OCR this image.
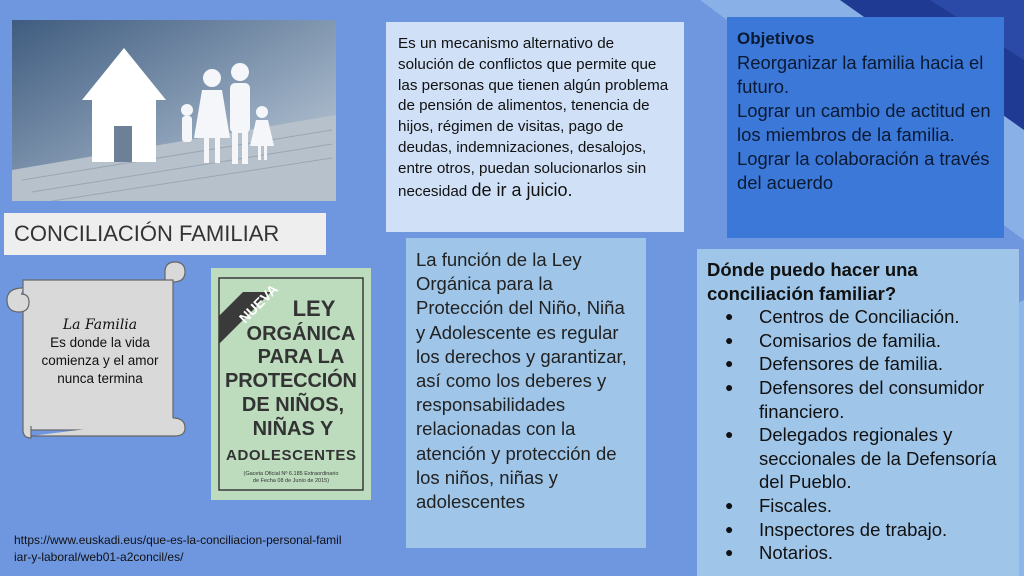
CONCILIACIÓN FAMILIAR
La Familia
Es donde la vida comienza y el amor nunca termina
NUEVA LEY
ORGÁNICA
PARA LA
PROTECCIÓN
DE NIÑOS,
NIÑAS Y
ADOLESCENTES
(Gaceta Oficial Nº 6.185 Extraordinario
de Fecha 08 de Junio de 2015)
Es un mecanismo alternativo de solución de conflictos que permite que las personas que tienen algún problema de pensión de alimentos, tenencia de hijos, régimen de visitas, pago de deudas, indemnizaciones, desalojos, entre otros, puedan solucionarlos sin necesidad de ir a juicio.
La función de la Ley Orgánica para la Protección del Niño, Niña y Adolescente es regular los derechos y garantizar, así como los deberes y responsabilidades relacionadas con la atención y protección de los niños, niñas y adolescentes
Objetivos
Reorganizar la familia hacia el futuro.
Lograr un cambio de actitud en los miembros de la familia.
Lograr la colaboración a través del acuerdo
Dónde puedo hacer una conciliación familiar?
● Centros de Conciliación.
● Comisarios de familia.
● Defensores de familia.
● Defensores del consumidor financiero.
● Delegados regionales y seccionales de la Defensoría del Pueblo.
● Fiscales.
● Inspectores de trabajo.
● Notarios.
https://www.euskadi.eus/que-es-la-conciliacion-personal-familiar-y-laboral/web01-a2concil/es/
